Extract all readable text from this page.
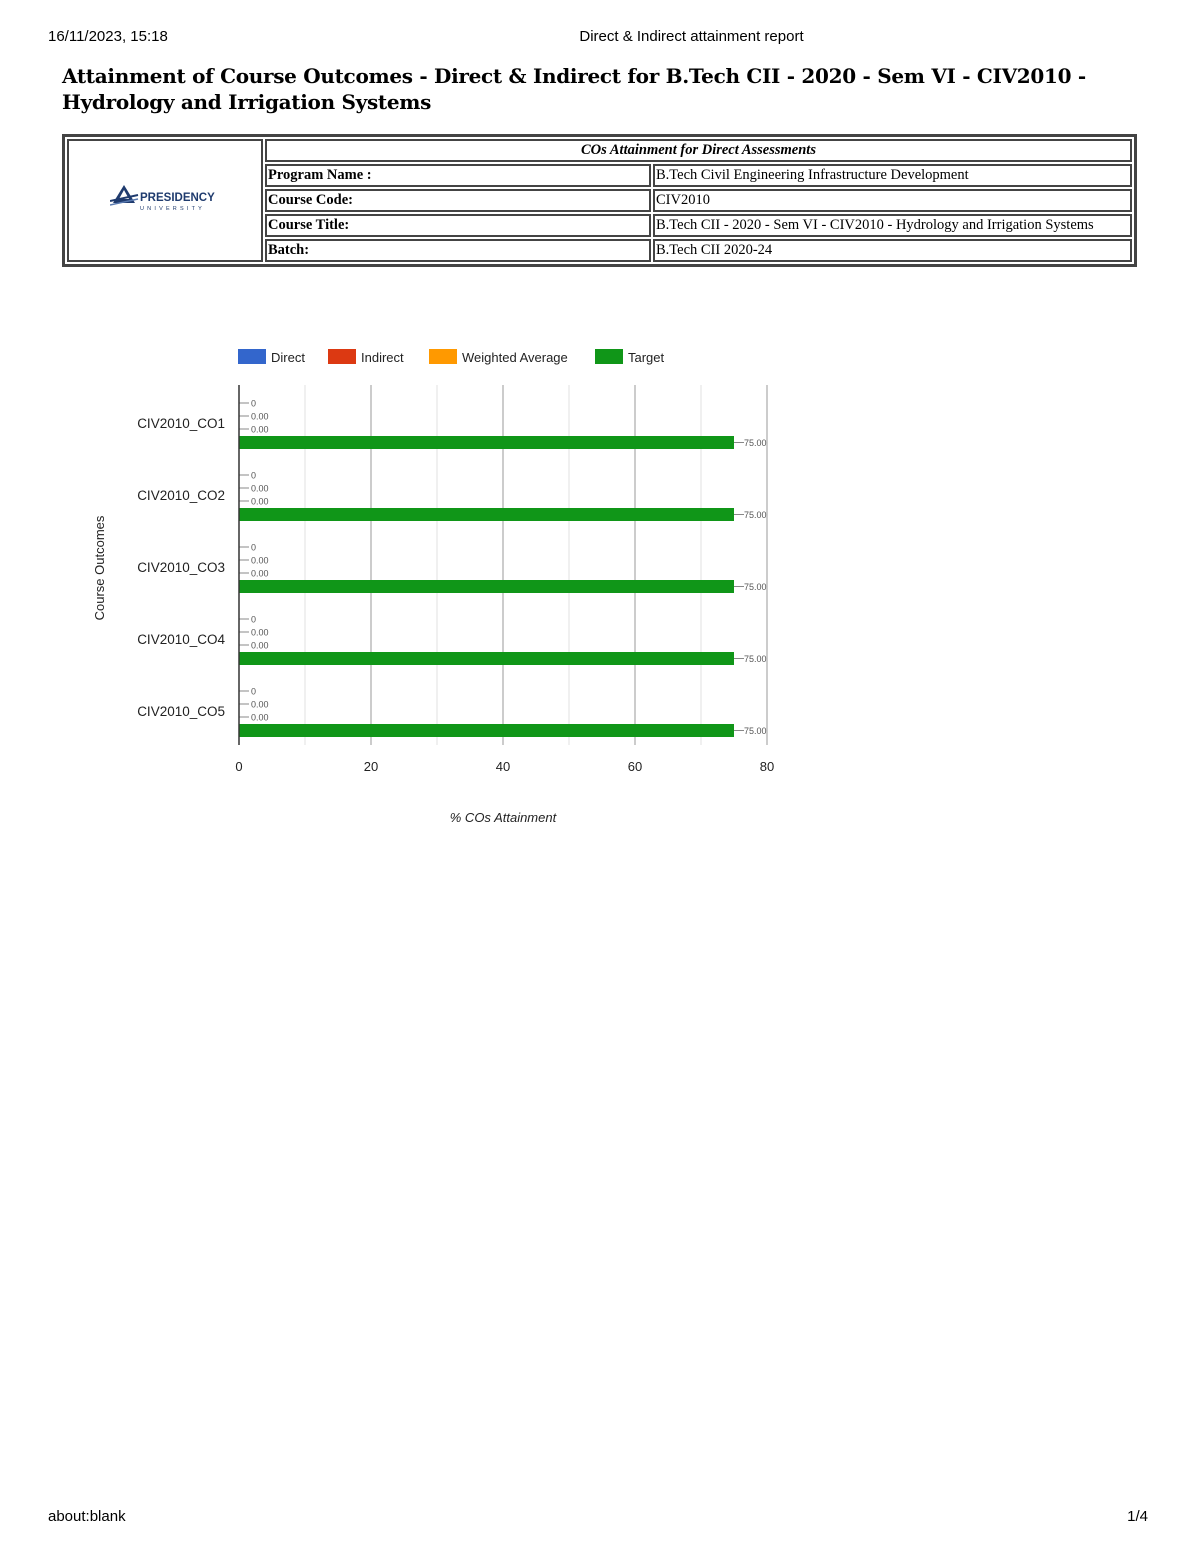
16/11/2023, 15:18	Direct & Indirect attainment report
Attainment of Course Outcomes - Direct & Indirect for B.Tech CII - 2020 - Sem VI - CIV2010 - Hydrology and Irrigation Systems
PRESIDENCY
UNIVERSITY	COs Attainment for Direct Assessments	
	Program Name :	B.Tech Civil Engineering Infrastructure Development
	Course Code:	CIV2010
	Course Title:	B.Tech CII - 2020 - Sem VI - CIV2010 - Hydrology and Irrigation Systems
	Batch:	B.Tech CII 2020-24
Direct	Indirect	Weighted Average	Target
0	20	40	60	80
CIV2010_CO1
0
0.00
0.00
75.00
CIV2010_CO2
0
0.00
0.00
75.00
CIV2010_CO3
0
0.00
0.00
75.00
CIV2010_CO4
0
0.00
0.00
75.00
CIV2010_CO5
0
0.00
0.00
75.00
% COs Attainment
Course Outcomes
about:blank	1/4
